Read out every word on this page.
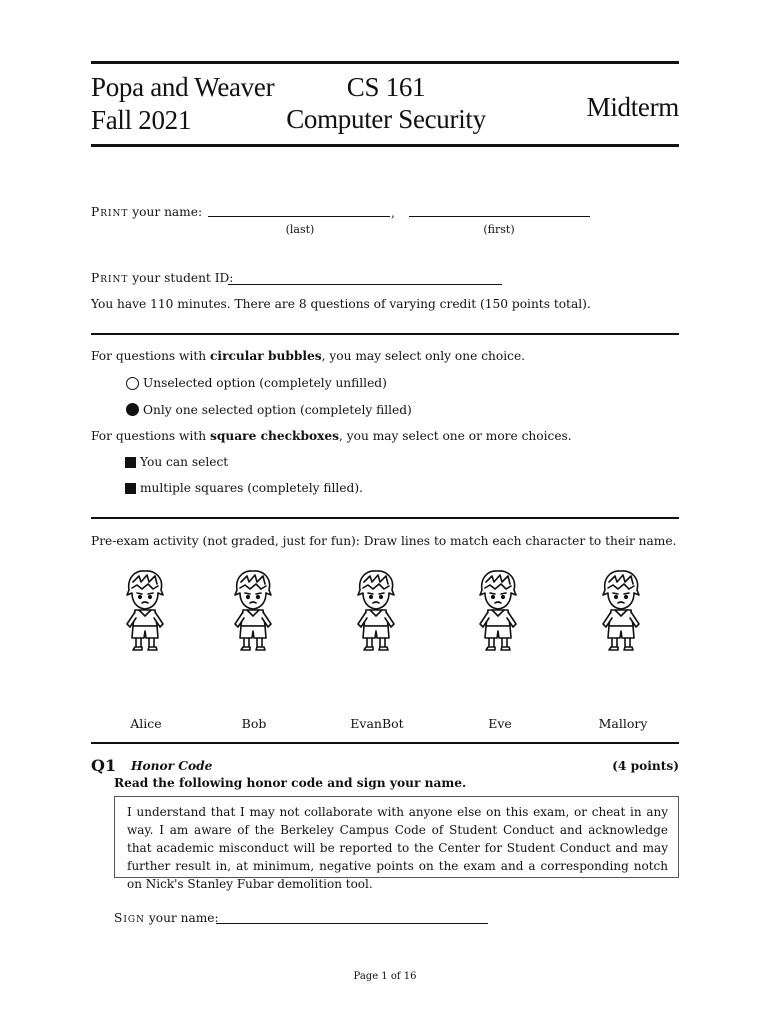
Popa and Weaver
Fall 2021
CS 161
Computer Security	Midterm
Print your name:	,
(last)	(first)
Print your student ID:
You have 110 minutes. There are 8 questions of varying credit (150 points total).
For questions with circular bubbles, you may select only one choice.
Unselected option (completely unfilled)
Only one selected option (completely filled)
For questions with square checkboxes, you may select one or more choices.
You can select
multiple squares (completely filled).
Pre-exam activity (not graded, just for fun): Draw lines to match each character to their name.
Alice	Bob	EvanBot	Eve	Mallory
Q1 Honor Code	(4 points)
Read the following honor code and sign your name.
I understand that I may not collaborate with anyone else on this exam, or cheat in any way. I am aware of the Berkeley Campus Code of Student Conduct and acknowledge that academic misconduct will be reported to the Center for Student Conduct and may further result in, at minimum, negative points on the exam and a corresponding notch on Nick's Stanley Fubar demolition tool.
Sign your name:
Page 1 of 16
